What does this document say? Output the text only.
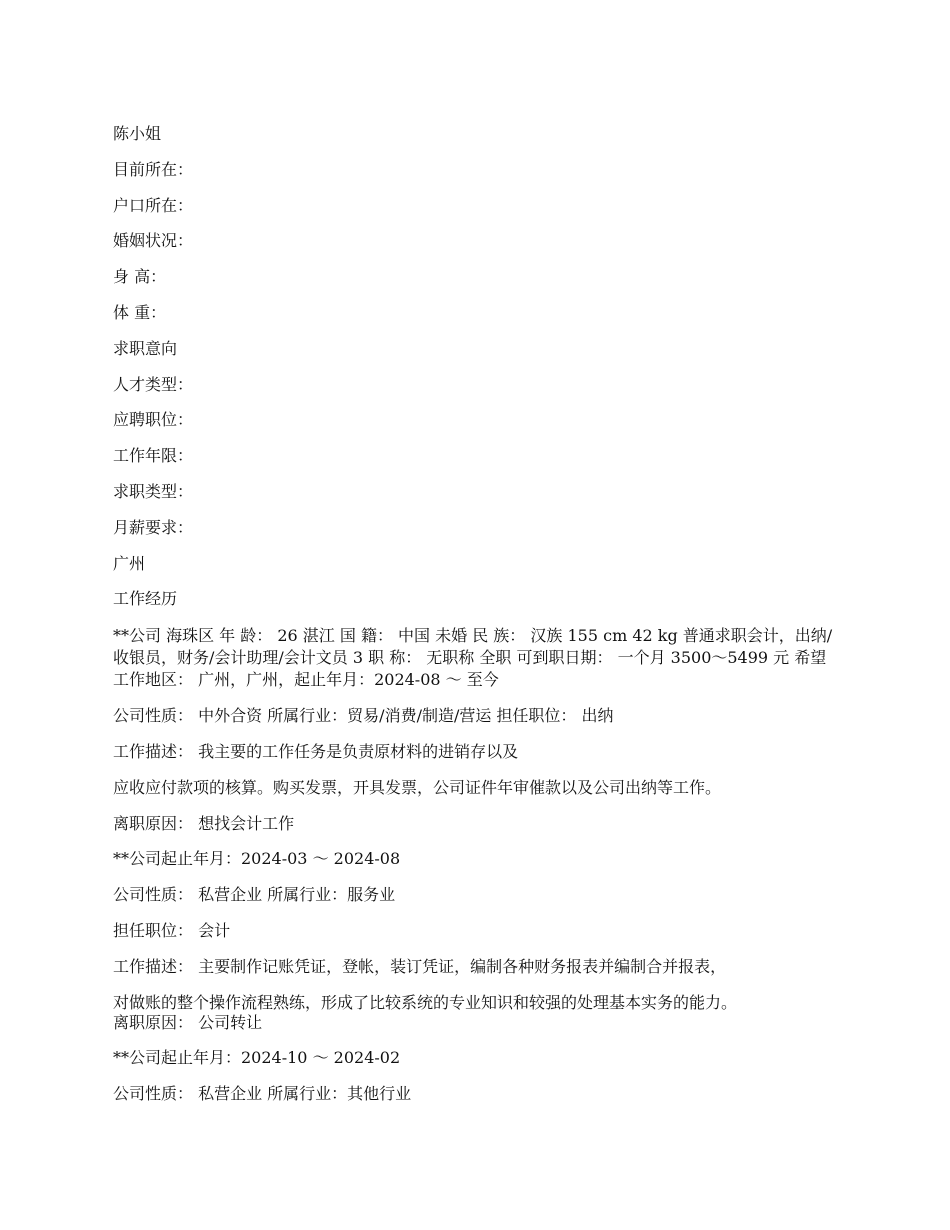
陈小姐

目前所在：

户口所在：

婚姻状况：

身 高：

体 重：

求职意向

人才类型：

应聘职位：

工作年限：

求职类型：

月薪要求：

广州

工作经历

**公司 海珠区 年 龄： 26 湛江 国 籍： 中国 未婚 民 族： 汉族 155 cm 42 kg 普通求职会计，出纳/收银员，财务/会计助理/会计文员 3 职 称： 无职称 全职 可到职日期： 一个月 3500～5499 元 希望工作地区： 广州，广州，起止年月：2024-08 ～ 至今

公司性质： 中外合资 所属行业：贸易/消费/制造/营运 担任职位： 出纳

工作描述： 我主要的工作任务是负责原材料的进销存以及

应收应付款项的核算。购买发票，开具发票，公司证件年审催款以及公司出纳等工作。

离职原因： 想找会计工作

**公司起止年月：2024-03 ～ 2024-08

公司性质： 私营企业 所属行业：服务业

担任职位： 会计

工作描述： 主要制作记账凭证，登帐，装订凭证，编制各种财务报表并编制合并报表，

对做账的整个操作流程熟练，形成了比较系统的专业知识和较强的处理基本实务的能力。

离职原因： 公司转让

**公司起止年月：2024-10 ～ 2024-02

公司性质： 私营企业 所属行业：其他行业
